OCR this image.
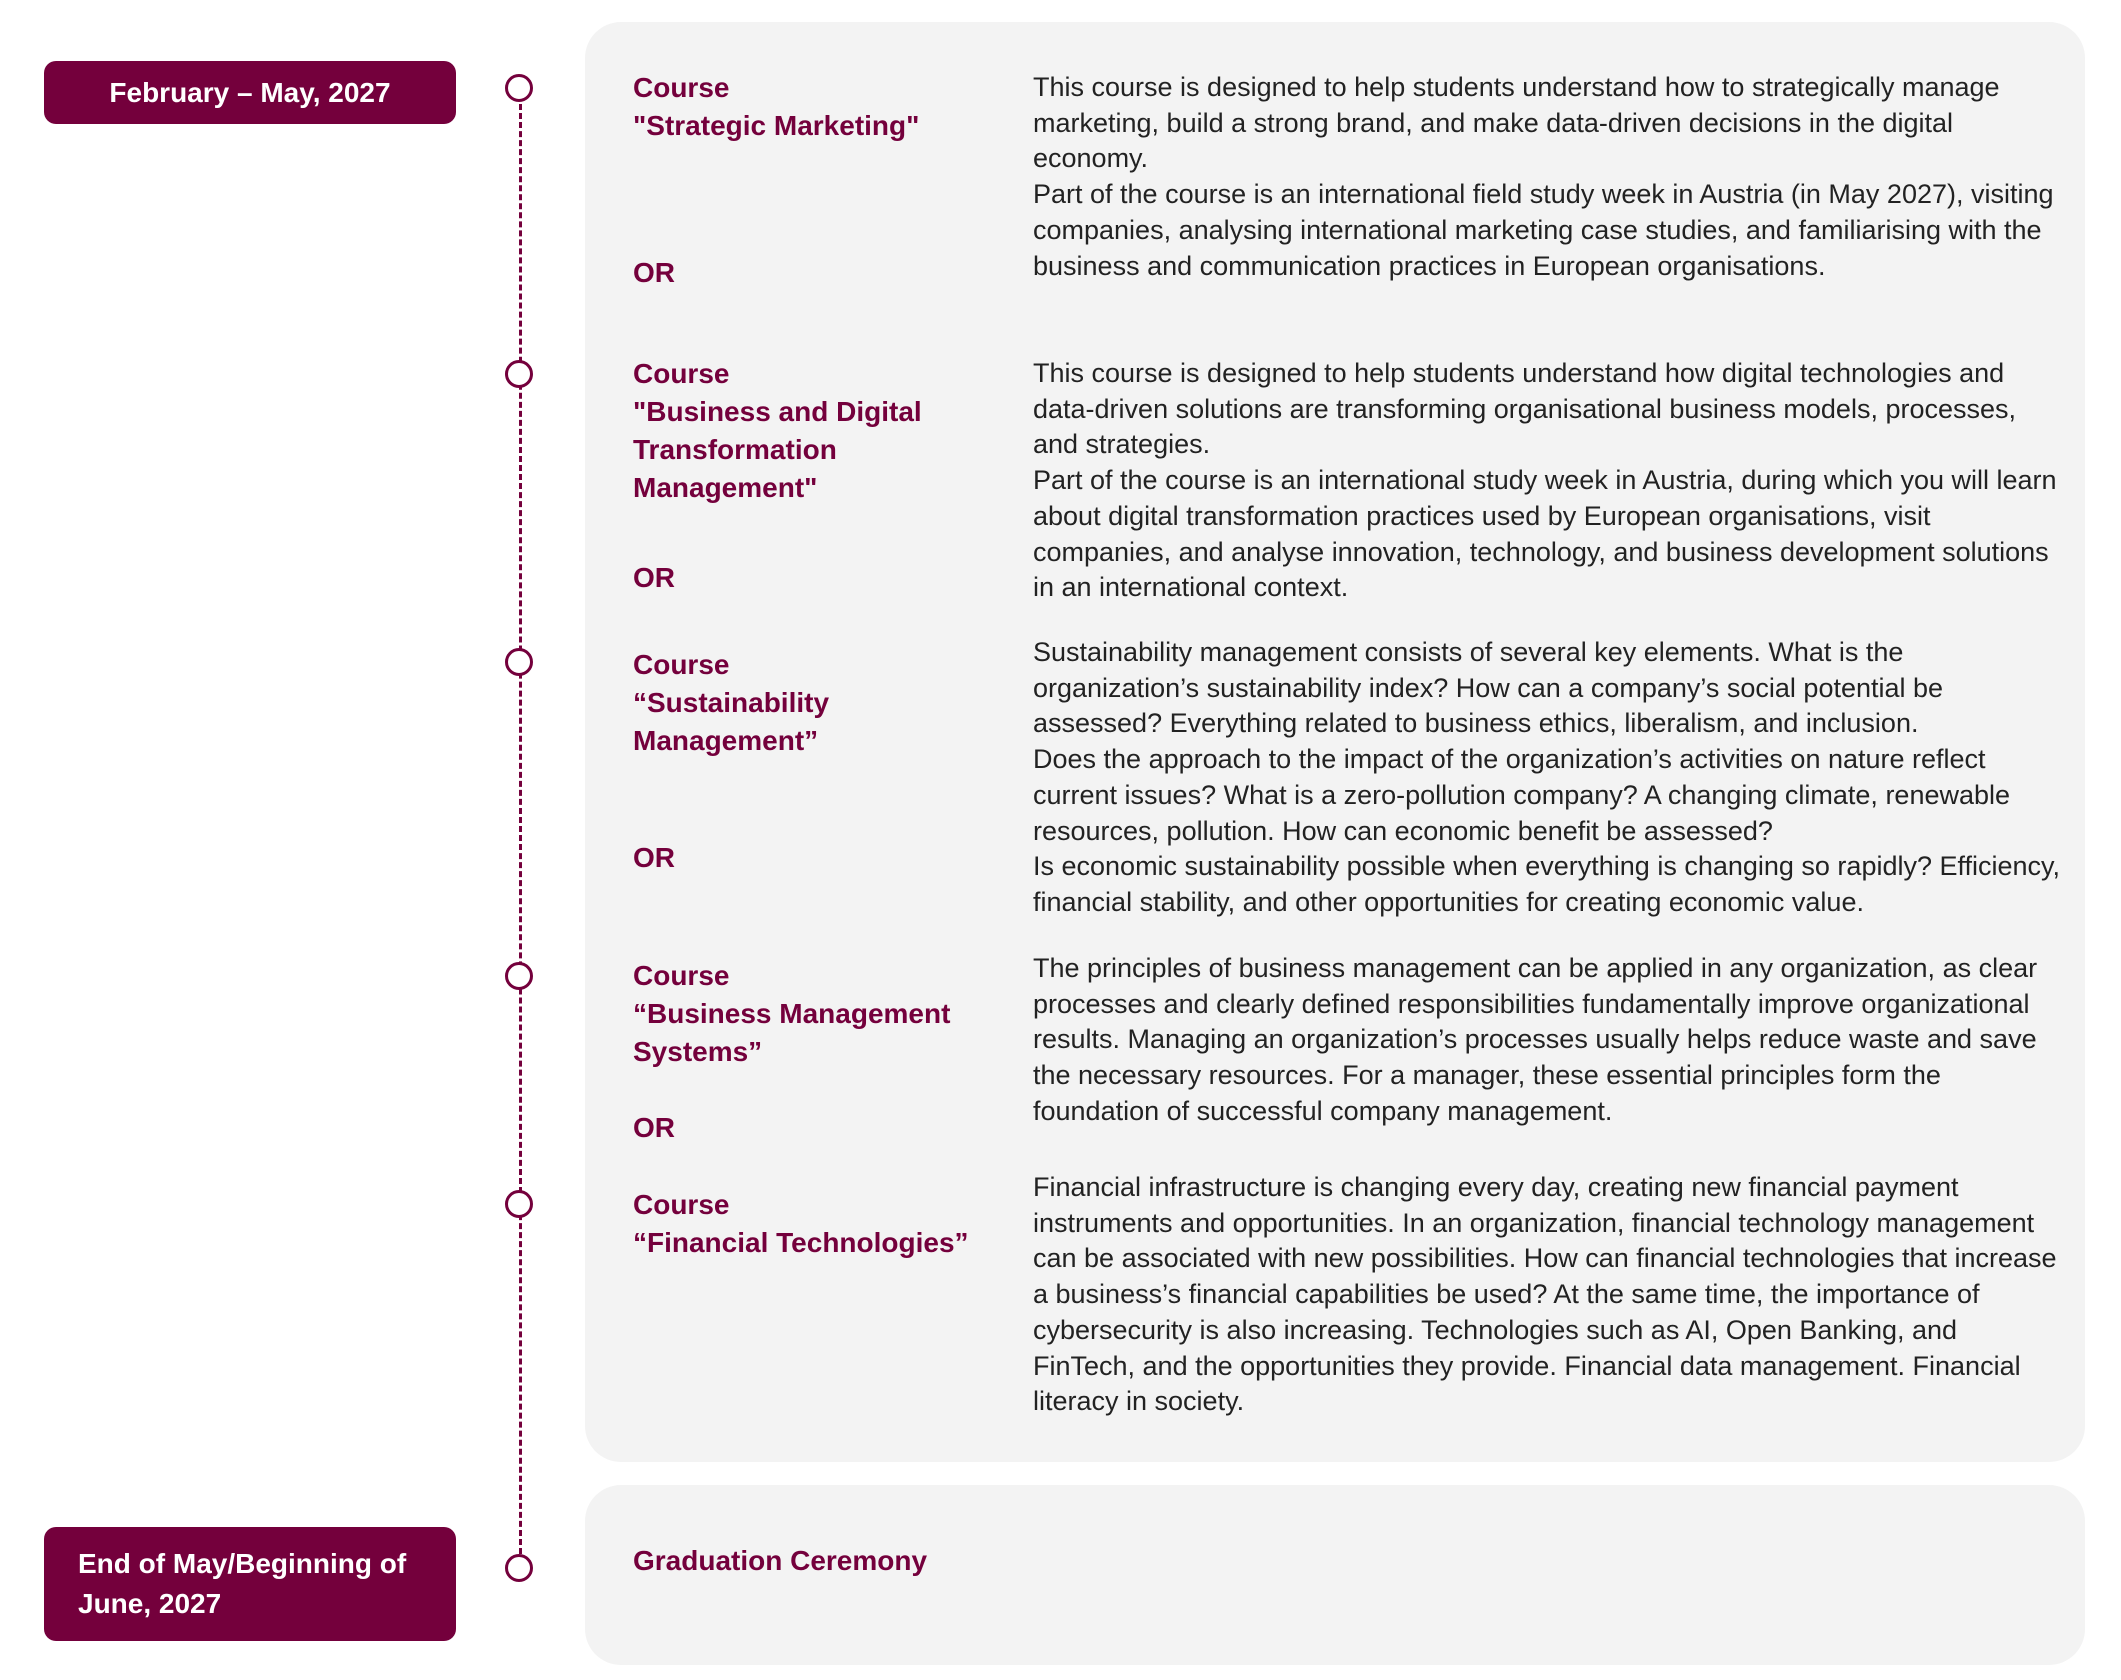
February – May, 2027
End of May/Beginning of June, 2027
Course
"Strategic Marketing"
OR

This course is designed to help students understand how to strategically manage marketing, build a strong brand, and make data-driven decisions in the digital economy.

Part of the course is an international field study week in Austria (in May 2027), visiting companies, analysing international marketing case studies, and familiarising with the business and communication practices in European organisations.

Course
"Business and Digital Transformation Management"
OR

This course is designed to help students understand how digital technologies and data-driven solutions are transforming organisational business models, processes, and strategies.

Part of the course is an international study week in Austria, during which you will learn about digital transformation practices used by European organisations, visit companies, and analyse innovation, technology, and business development solutions in an international context.

Course
“Sustainability Management”
OR

Sustainability management consists of several key elements. What is the organization’s sustainability index? How can a company’s social potential be assessed? Everything related to business ethics, liberalism, and inclusion.

Does the approach to the impact of the organization’s activities on nature reflect current issues? What is a zero-pollution company? A changing climate, renewable resources, pollution. How can economic benefit be assessed?

Is economic sustainability possible when everything is changing so rapidly? Efficiency, financial stability, and other opportunities for creating economic value.

Course
“Business Management Systems”
OR

The principles of business management can be applied in any organization, as clear processes and clearly defined responsibilities fundamentally improve organizational results. Managing an organization’s processes usually helps reduce waste and save the necessary resources. For a manager, these essential principles form the foundation of successful company management.

Course
“Financial Technologies”

Financial infrastructure is changing every day, creating new financial payment instruments and opportunities. In an organization, financial technology management can be associated with new possibilities. How can financial technologies that increase a business’s financial capabilities be used? At the same time, the importance of cybersecurity is also increasing. Technologies such as AI, Open Banking, and FinTech, and the opportunities they provide. Financial data management. Financial literacy in society.

Graduation Ceremony
